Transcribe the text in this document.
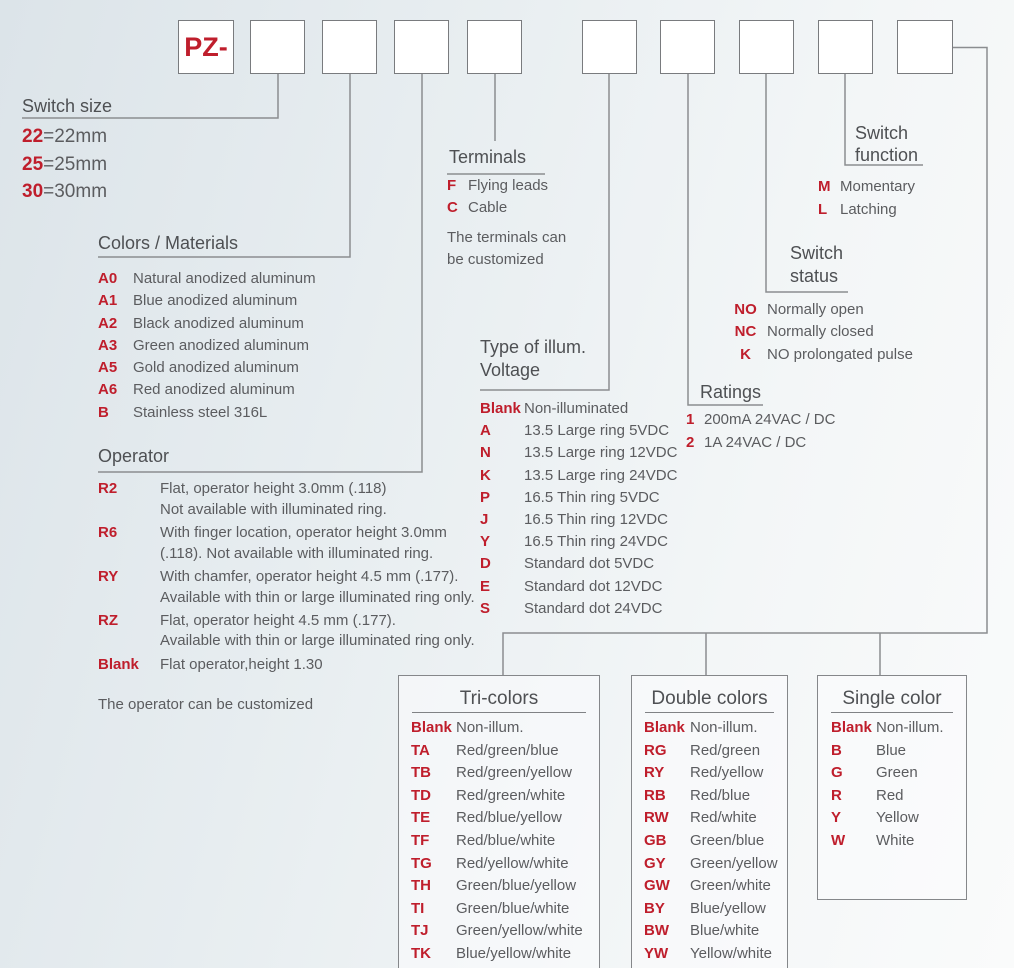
PZ-
Switch size
22=22mm
25=25mm
30=30mm
Colors / Materials
A0 Natural anodized aluminum
A1 Blue anodized aluminum
A2 Black anodized aluminum
A3 Green anodized aluminum
A5 Gold anodized aluminum
A6 Red anodized aluminum
B Stainless steel 316L
Operator
R2	Flat, operator height 3.0mm (.118)
Not available with illuminated ring.
R6	With finger location, operator height 3.0mm
(.118). Not available with illuminated ring.
RY	With chamfer, operator height 4.5 mm (.177).
Available with thin or large illuminated ring only.
RZ	Flat, operator height 4.5 mm (.177).
Available with thin or large illuminated ring only.
Blank Flat operator,height 1.30
The operator can be customized
Terminals
F Flying leads
C Cable
The terminals can
be customized
Type of illum.
Voltage
Blank Non-illuminated
A 13.5 Large ring 5VDC
N 13.5 Large ring 12VDC
K 13.5 Large ring 24VDC
P 16.5 Thin ring 5VDC
J 16.5 Thin ring 12VDC
Y 16.5 Thin ring 24VDC
D Standard dot 5VDC
E Standard dot 12VDC
S Standard dot 24VDC
Ratings
1 200mA 24VAC / DC
2 1A 24VAC / DC
Switch
status
NO Normally open
NC Normally closed
K NO prolongated pulse
Switch
function
M Momentary
L Latching
Tri-colors
Blank Non-illum.
TA Red/green/blue
TB Red/green/yellow
TD Red/green/white
TE Red/blue/yellow
TF Red/blue/white
TG Red/yellow/white
TH Green/blue/yellow
TI Green/blue/white
TJ Green/yellow/white
TK Blue/yellow/white
Double colors
Blank Non-illum.
RG Red/green
RY Red/yellow
RB Red/blue
RW Red/white
GB Green/blue
GY Green/yellow
GW Green/white
BY Blue/yellow
BW Blue/white
YW Yellow/white
Single color
Blank Non-illum.
B Blue
G Green
R Red
Y Yellow
W White
